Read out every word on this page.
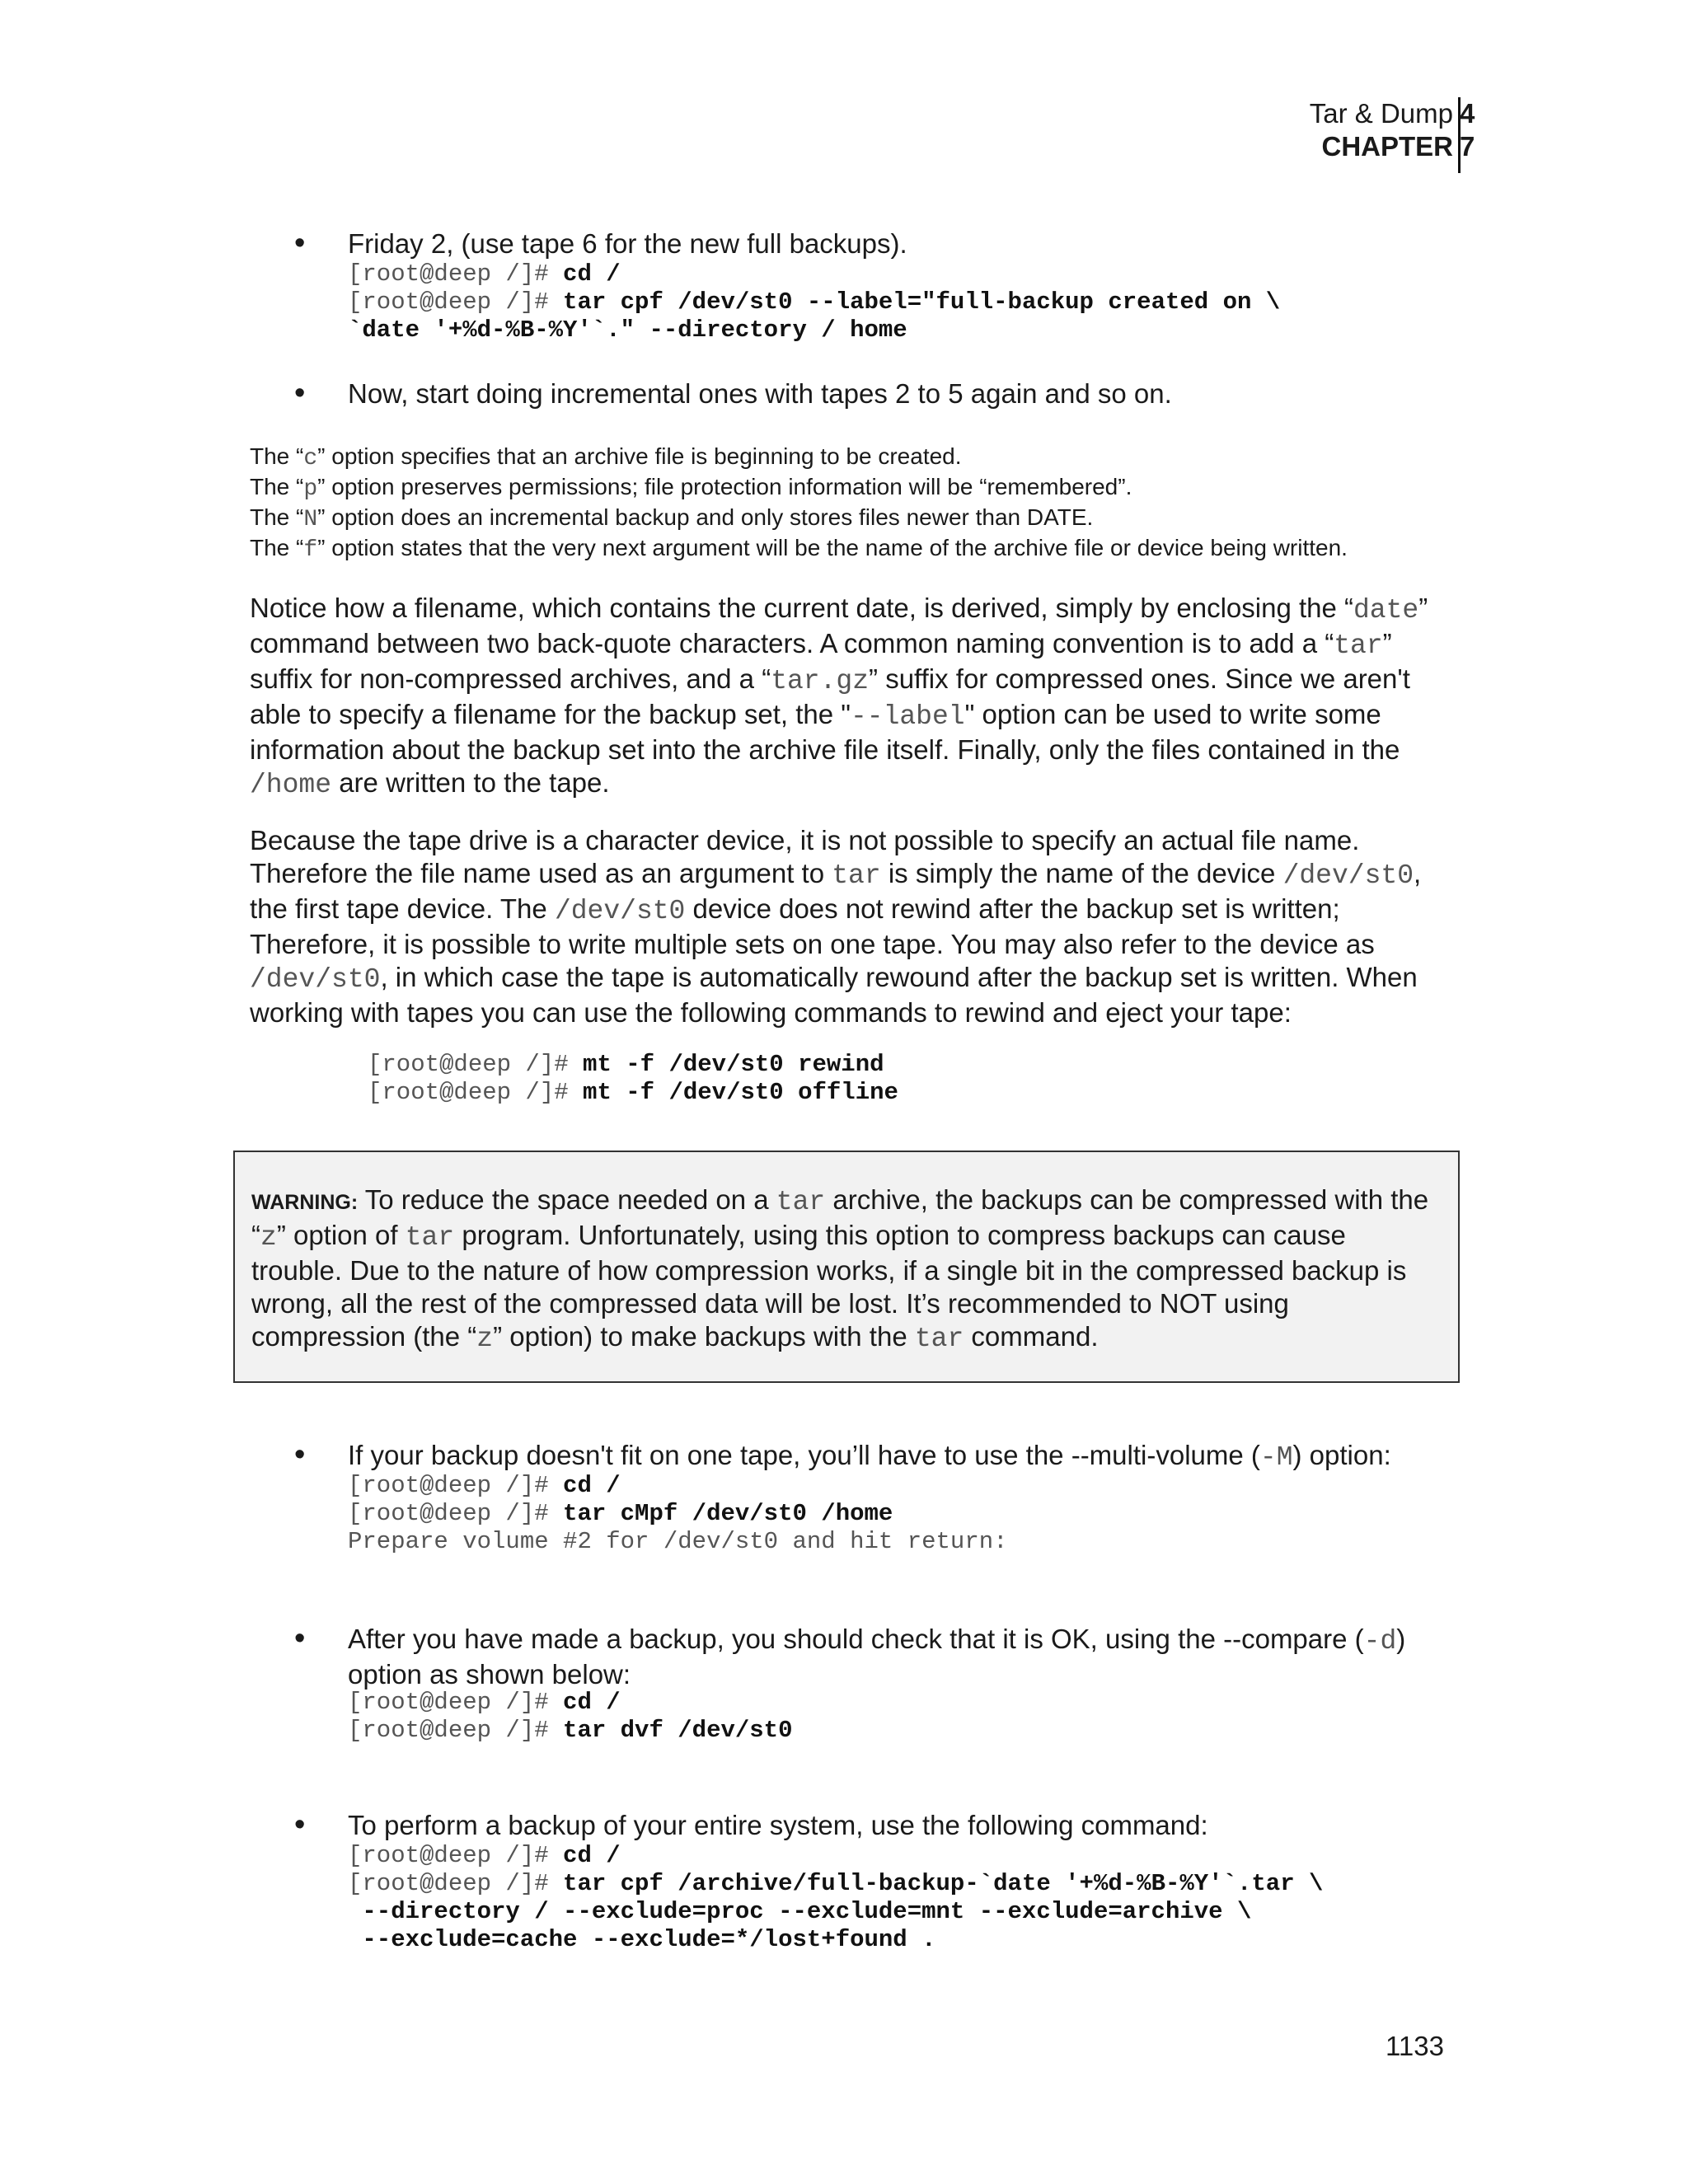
Tar & Dump
CHAPTER
4
7
• Friday 2, (use tape 6 for the new full backups).
[root@deep /]# cd /
[root@deep /]# tar cpf /dev/st0 --label="full-backup created on \
`date '+%d-%B-%Y'`." --directory / home
• Now, start doing incremental ones with tapes 2 to 5 again and so on.
The “c” option specifies that an archive file is beginning to be created.
The “p” option preserves permissions; file protection information will be “remembered”.
The “N” option does an incremental backup and only stores files newer than DATE.
The “f” option states that the very next argument will be the name of the archive file or device being written.
Notice how a filename, which contains the current date, is derived, simply by enclosing the “date” command between two back-quote characters. A common naming convention is to add a “tar” suffix for non-compressed archives, and a “tar.gz” suffix for compressed ones. Since we aren't able to specify a filename for the backup set, the "--label" option can be used to write some information about the backup set into the archive file itself. Finally, only the files contained in the /home are written to the tape.
Because the tape drive is a character device, it is not possible to specify an actual file name. Therefore the file name used as an argument to tar is simply the name of the device /dev/st0, the first tape device. The /dev/st0 device does not rewind after the backup set is written; Therefore, it is possible to write multiple sets on one tape. You may also refer to the device as /dev/st0, in which case the tape is automatically rewound after the backup set is written. When working with tapes you can use the following commands to rewind and eject your tape:
[root@deep /]# mt -f /dev/st0 rewind
[root@deep /]# mt -f /dev/st0 offline
WARNING: To reduce the space needed on a tar archive, the backups can be compressed with the “z” option of tar program. Unfortunately, using this option to compress backups can cause trouble. Due to the nature of how compression works, if a single bit in the compressed backup is wrong, all the rest of the compressed data will be lost. It’s recommended to NOT using compression (the “z” option) to make backups with the tar command.
• If your backup doesn't fit on one tape, you’ll have to use the --multi-volume (-M) option:
[root@deep /]# cd /
[root@deep /]# tar cMpf /dev/st0 /home
Prepare volume #2 for /dev/st0 and hit return:
• After you have made a backup, you should check that it is OK, using the --compare (-d)
option as shown below:
[root@deep /]# cd /
[root@deep /]# tar dvf /dev/st0
• To perform a backup of your entire system, use the following command:
[root@deep /]# cd /
[root@deep /]# tar cpf /archive/full-backup-`date '+%d-%B-%Y'`.tar \
--directory / --exclude=proc --exclude=mnt --exclude=archive \
--exclude=cache --exclude=*/lost+found .
1133
